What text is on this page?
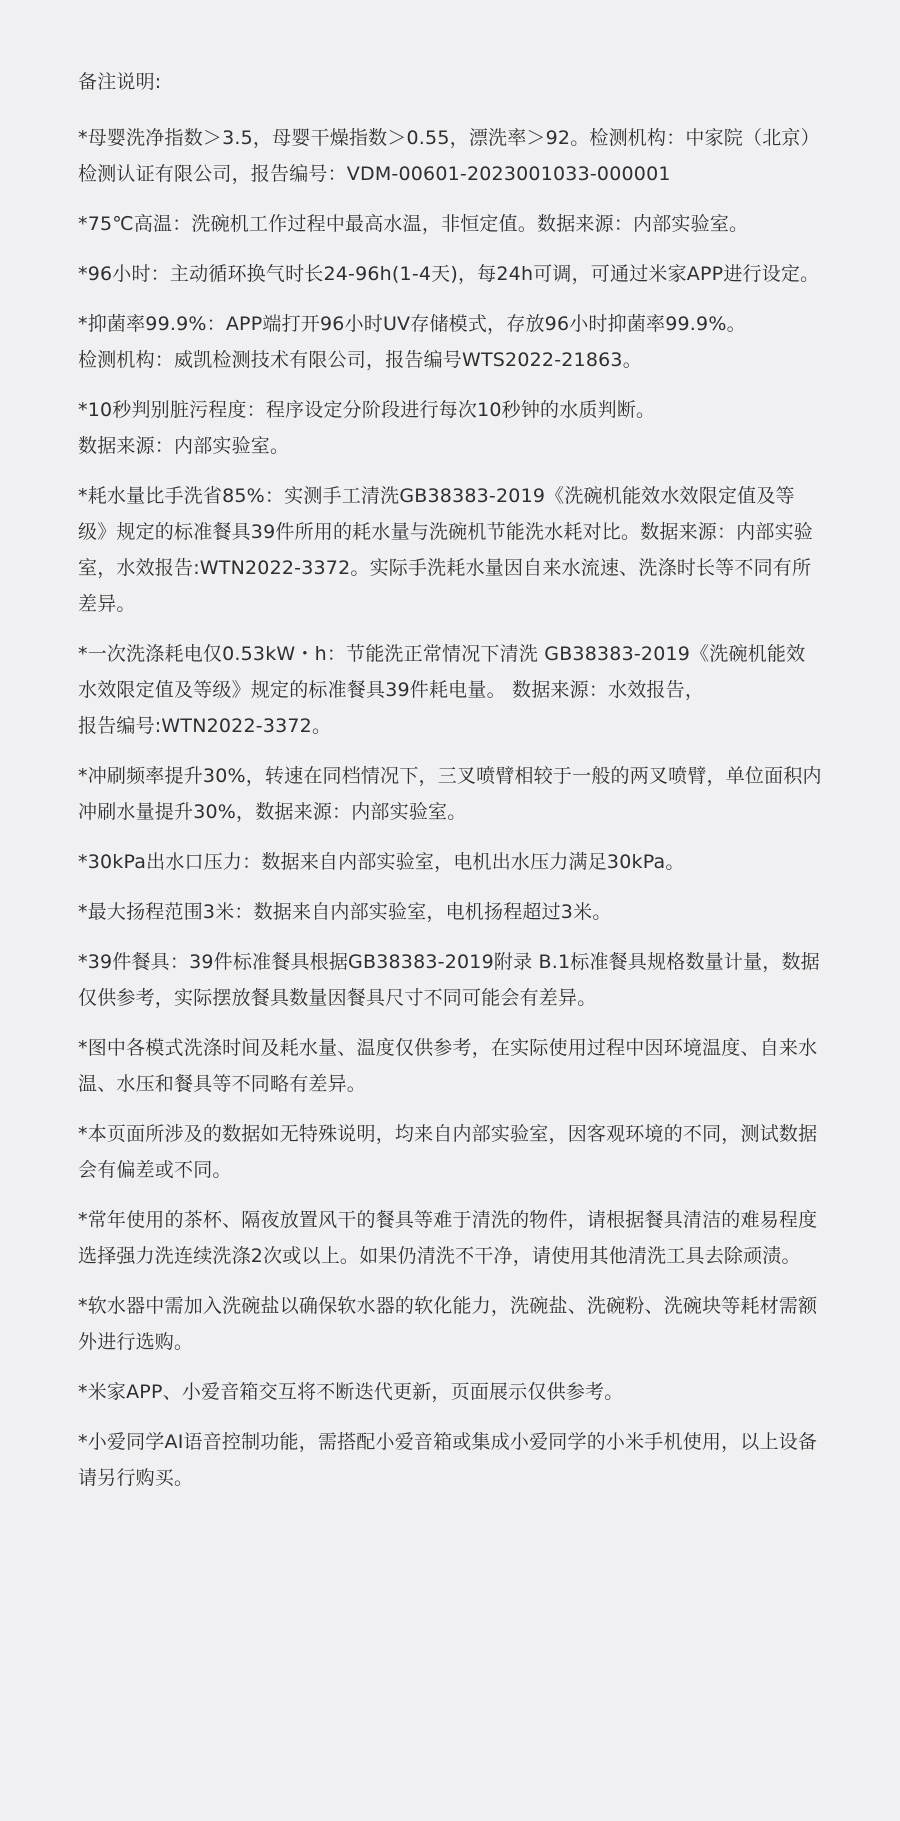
备注说明:

*母婴洗净指数＞3.5，母婴干燥指数＞0.55，漂洗率＞92。检测机构：中家院（北京）检测认证有限公司，报告编号：VDM-00601-2023001033-000001

*75℃高温：洗碗机工作过程中最高水温，非恒定值。数据来源：内部实验室。

*96小时：主动循环换气时长24-96h(1-4天)，每24h可调，可通过米家APP进行设定。

*抑菌率99.9%：APP端打开96小时UV存储模式，存放96小时抑菌率99.9%。

检测机构：威凯检测技术有限公司，报告编号WTS2022-21863。

*10秒判别脏污程度：程序设定分阶段进行每次10秒钟的水质判断。

数据来源：内部实验室。

*耗水量比手洗省85%：实测手工清洗GB38383-2019《洗碗机能效水效限定值及等级》规定的标准餐具39件所用的耗水量与洗碗机节能洗水耗对比。数据来源：内部实验室，水效报告:WTN2022-3372。实际手洗耗水量因自来水流速、洗涤时长等不同有所差异。

*一次洗涤耗电仅0.53kW・h：节能洗正常情况下清洗 GB38383-2019《洗碗机能效水效限定值及等级》规定的标准餐具39件耗电量。 数据来源：水效报告，

报告编号:WTN2022-3372。

*冲刷频率提升30%，转速在同档情况下，三叉喷臂相较于一般的两叉喷臂，单位面积内冲刷水量提升30%，数据来源：内部实验室。

*30kPa出水口压力：数据来自内部实验室，电机出水压力满足30kPa。

*最大扬程范围3米：数据来自内部实验室，电机扬程超过3米。

*39件餐具：39件标准餐具根据GB38383-2019附录 B.1标准餐具规格数量计量，数据仅供参考，实际摆放餐具数量因餐具尺寸不同可能会有差异。

*图中各模式洗涤时间及耗水量、温度仅供参考，在实际使用过程中因环境温度、自来水温、水压和餐具等不同略有差异。

*本页面所涉及的数据如无特殊说明，均来自内部实验室，因客观环境的不同，测试数据会有偏差或不同。

*常年使用的茶杯、隔夜放置风干的餐具等难于清洗的物件，请根据餐具清洁的难易程度选择强力洗连续洗涤2次或以上。如果仍清洗不干净，请使用其他清洗工具去除顽渍。

*软水器中需加入洗碗盐以确保软水器的软化能力，洗碗盐、洗碗粉、洗碗块等耗材需额外进行选购。

*米家APP、小爱音箱交互将不断迭代更新，页面展示仅供参考。

*小爱同学AI语音控制功能，需搭配小爱音箱或集成小爱同学的小米手机使用，以上设备请另行购买。
